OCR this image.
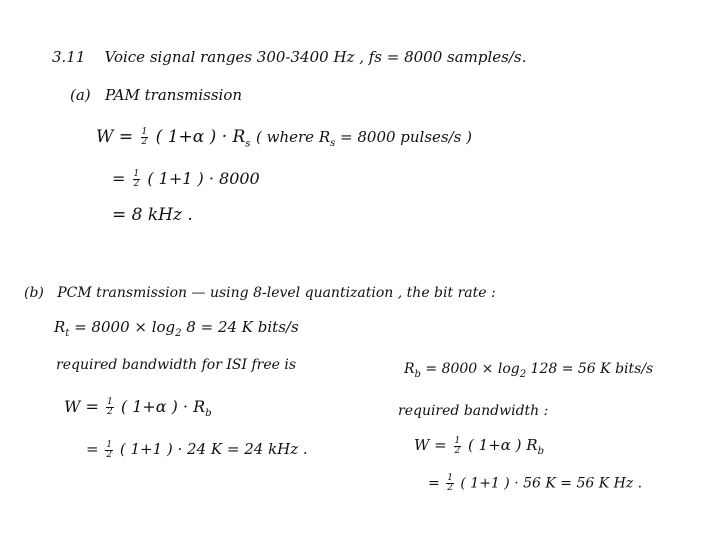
3.11 Voice signal ranges 300-3400 Hz , fs = 8000 samples/s.
(a) PAM transmission
$W = \frac{1}{2}$ ( 1+α ) · $R_s$ ( where $R_s = 8000$ pulses/s )
= $\frac{1}{2}$ ( 1+1 ) · 8000
= 8 kHz .
(b) PCM transmission — using 8-level quantization , the bit rate :
$R_t = 8000 \times \log_2 8 = 24$ K bits/s
required bandwidth for ISI free is
$W = \frac{1}{2}$ ( 1+α ) · $R_b$
= $\frac{1}{2}$ ( 1+1 ) · 24 K = 24 kHz .
$R_b = 8000 \times \log_2 128 = 56$ K bits/s
required bandwidth :
$W = \frac{1}{2}$ ( 1+α ) $R_b$
= $\frac{1}{2}$ ( 1+1 ) · 56 K = 56 K Hz .
